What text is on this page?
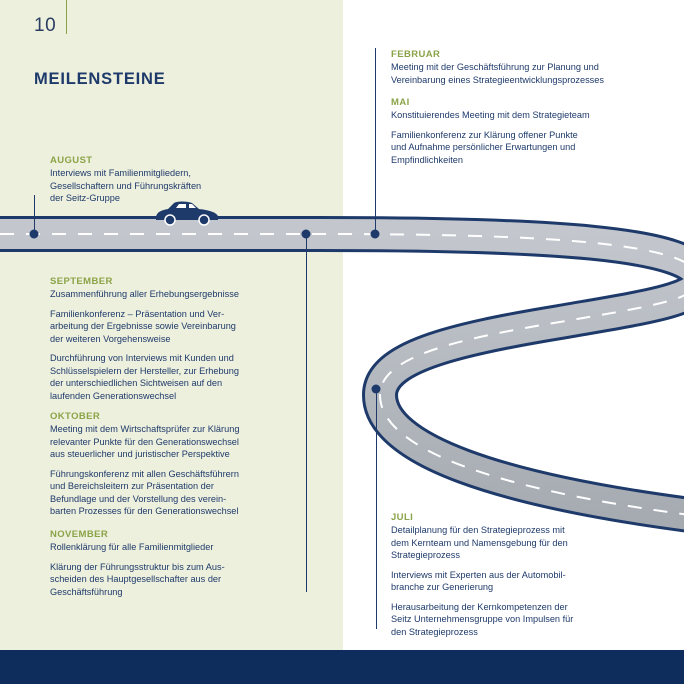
10
MEILENSTEINE
AUGUST
Interviews mit Familienmitgliedern,
Gesellschaftern und Führungskräften
der Seitz-Gruppe
SEPTEMBER
Zusammenführung aller Erhebungsergebnisse
Familienkonferenz – Präsentation und Ver-
arbeitung der Ergebnisse sowie Vereinbarung
der weiteren Vorgehensweise
Durchführung von Interviews mit Kunden und
Schlüsselspielern der Hersteller, zur Erhebung
der unterschiedlichen Sichtweisen auf den
laufenden Generationswechsel
OKTOBER
Meeting mit dem Wirtschaftsprüfer zur Klärung
relevanter Punkte für den Generationswechsel
aus steuerlicher und juristischer Perspektive
Führungskonferenz mit allen Geschäftsführern
und Bereichsleitern zur Präsentation der
Befundlage und der Vorstellung des verein-
barten Prozesses für den Generationswechsel
NOVEMBER
Rollenklärung für alle Familienmitglieder
Klärung der Führungsstruktur bis zum Aus-
scheiden des Hauptgesellschafter aus der
Geschäftsführung
FEBRUAR
Meeting mit der Geschäftsführung zur Planung und
Vereinbarung eines Strategieentwicklungsprozesses
MAI
Konstituierendes Meeting mit dem Strategieteam
Familienkonferenz zur Klärung offener Punkte
und Aufnahme persönlicher Erwartungen und
Empfindlichkeiten
JULI
Detailplanung für den Strategieprozess mit
dem Kernteam und Namensgebung für den
Strategieprozess
Interviews mit Experten aus der Automobil-
branche zur Generierung
Herausarbeitung der Kernkompetenzen der
Seitz Unternehmensgruppe von Impulsen für
den Strategieprozess
